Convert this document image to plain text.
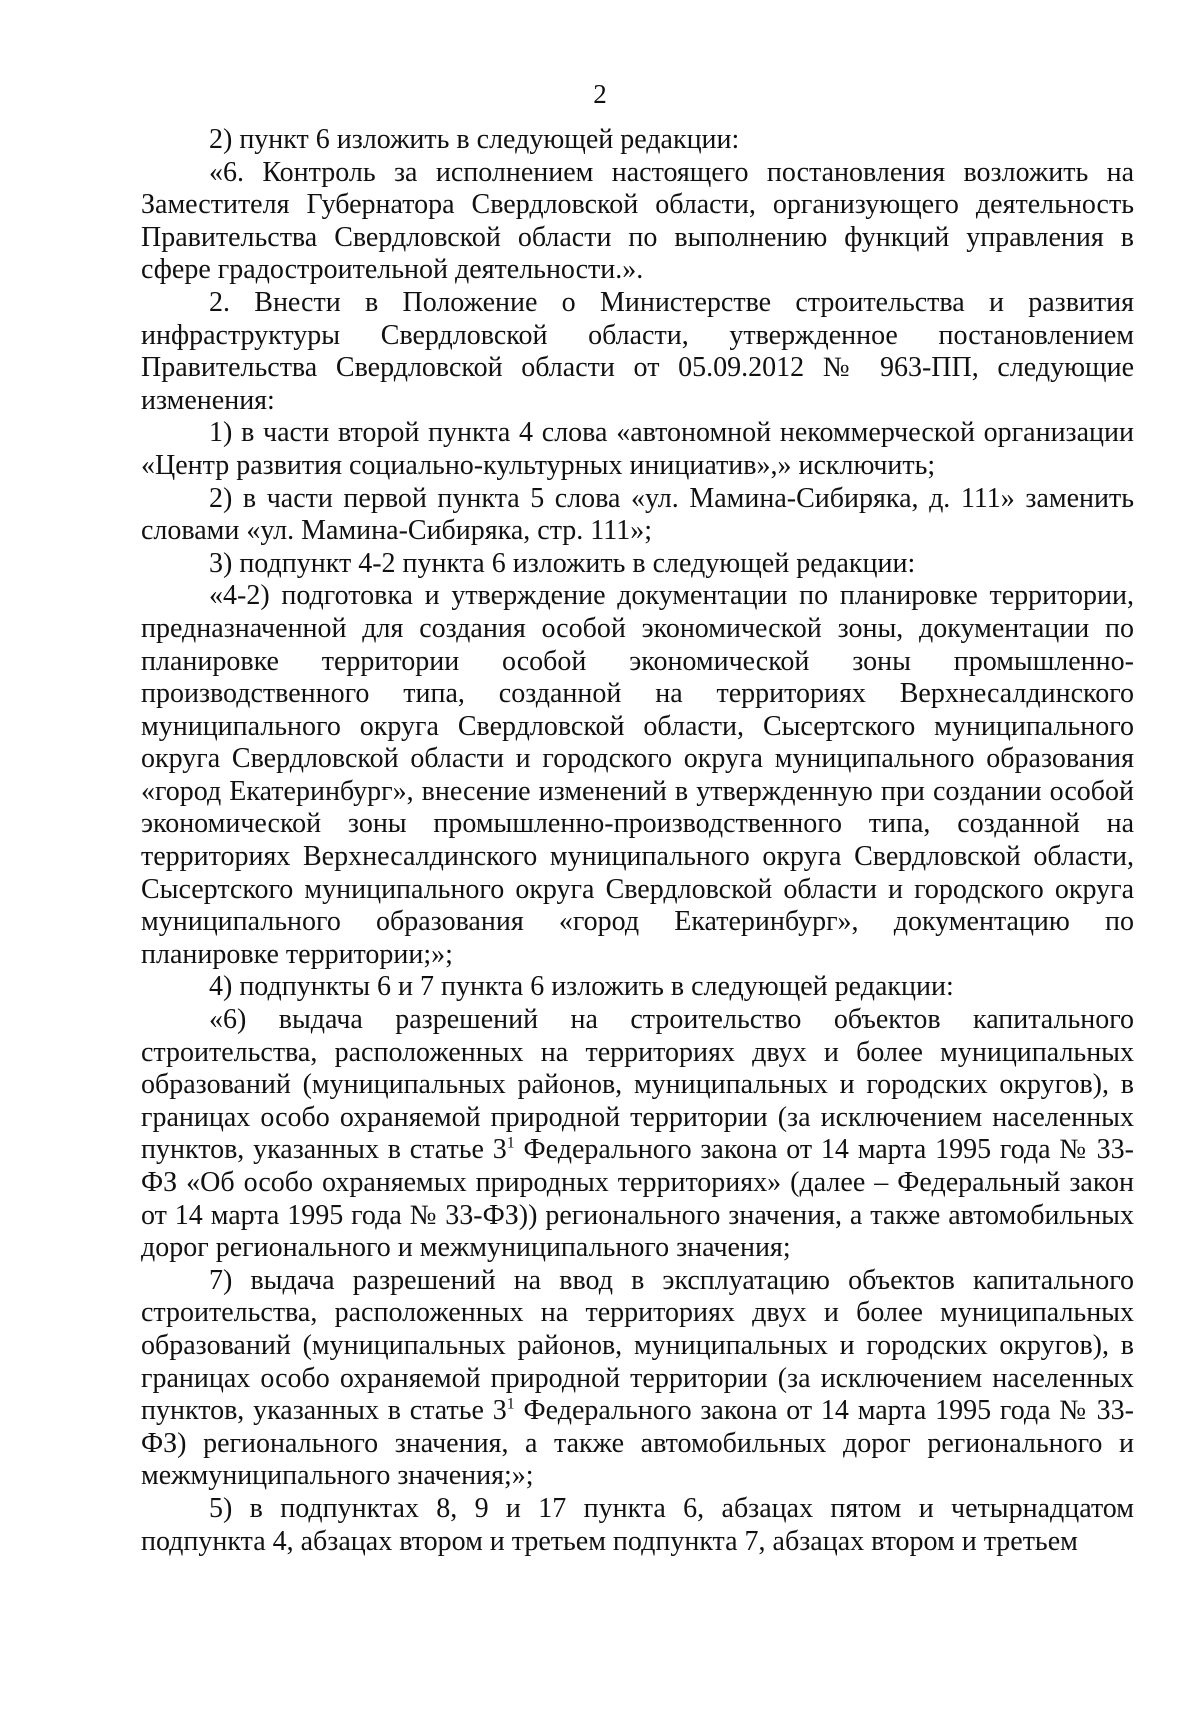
2

2) пункт 6 изложить в следующей редакции:

«6. Контроль за исполнением настоящего постановления возложить на Заместителя Губернатора Свердловской области, организующего деятельность Правительства Свердловской области по выполнению функций управления в сфере градостроительной деятельности.».

2. Внести в Положение о Министерстве строительства и развития инфраструктуры Свердловской области, утвержденное постановлением Правительства Свердловской области от 05.09.2012 № 963-ПП, следующие изменения:

1) в части второй пункта 4 слова «автономной некоммерческой организации «Центр развития социально-культурных инициатив»,» исключить;

2) в части первой пункта 5 слова «ул. Мамина-Сибиряка, д. 111» заменить словами «ул. Мамина-Сибиряка, стр. 111»;

3) подпункт 4-2 пункта 6 изложить в следующей редакции:

«4-2) подготовка и утверждение документации по планировке территории, предназначенной для создания особой экономической зоны, документации по планировке территории особой экономической зоны промышленно-производственного типа, созданной на территориях Верхнесалдинского муниципального округа Свердловской области, Сысертского муниципального округа Свердловской области и городского округа муниципального образования «город Екатеринбург», внесение изменений в утвержденную при создании особой экономической зоны промышленно-производственного типа, созданной на территориях Верхнесалдинского муниципального округа Свердловской области, Сысертского муниципального округа Свердловской области и городского округа муниципального образования «город Екатеринбург», документацию по планировке территории;»;

4) подпункты 6 и 7 пункта 6 изложить в следующей редакции:

«6) выдача разрешений на строительство объектов капитального строительства, расположенных на территориях двух и более муниципальных образований (муниципальных районов, муниципальных и городских округов), в границах особо охраняемой природной территории (за исключением населенных пунктов, указанных в статье $3^1$ Федерального закона от 14 марта 1995 года № 33-ФЗ «Об особо охраняемых природных территориях» (далее – Федеральный закон от 14 марта 1995 года № 33-ФЗ)) регионального значения, а также автомобильных дорог регионального и межмуниципального значения;

7) выдача разрешений на ввод в эксплуатацию объектов капитального строительства, расположенных на территориях двух и более муниципальных образований (муниципальных районов, муниципальных и городских округов), в границах особо охраняемой природной территории (за исключением населенных пунктов, указанных в статье $3^1$ Федерального закона от 14 марта 1995 года № 33-ФЗ) регионального значения, а также автомобильных дорог регионального и межмуниципального значения;»;

5) в подпунктах 8, 9 и 17 пункта 6, абзацах пятом и четырнадцатом подпункта 4, абзацах втором и третьем подпункта 7, абзацах втором и третьем
